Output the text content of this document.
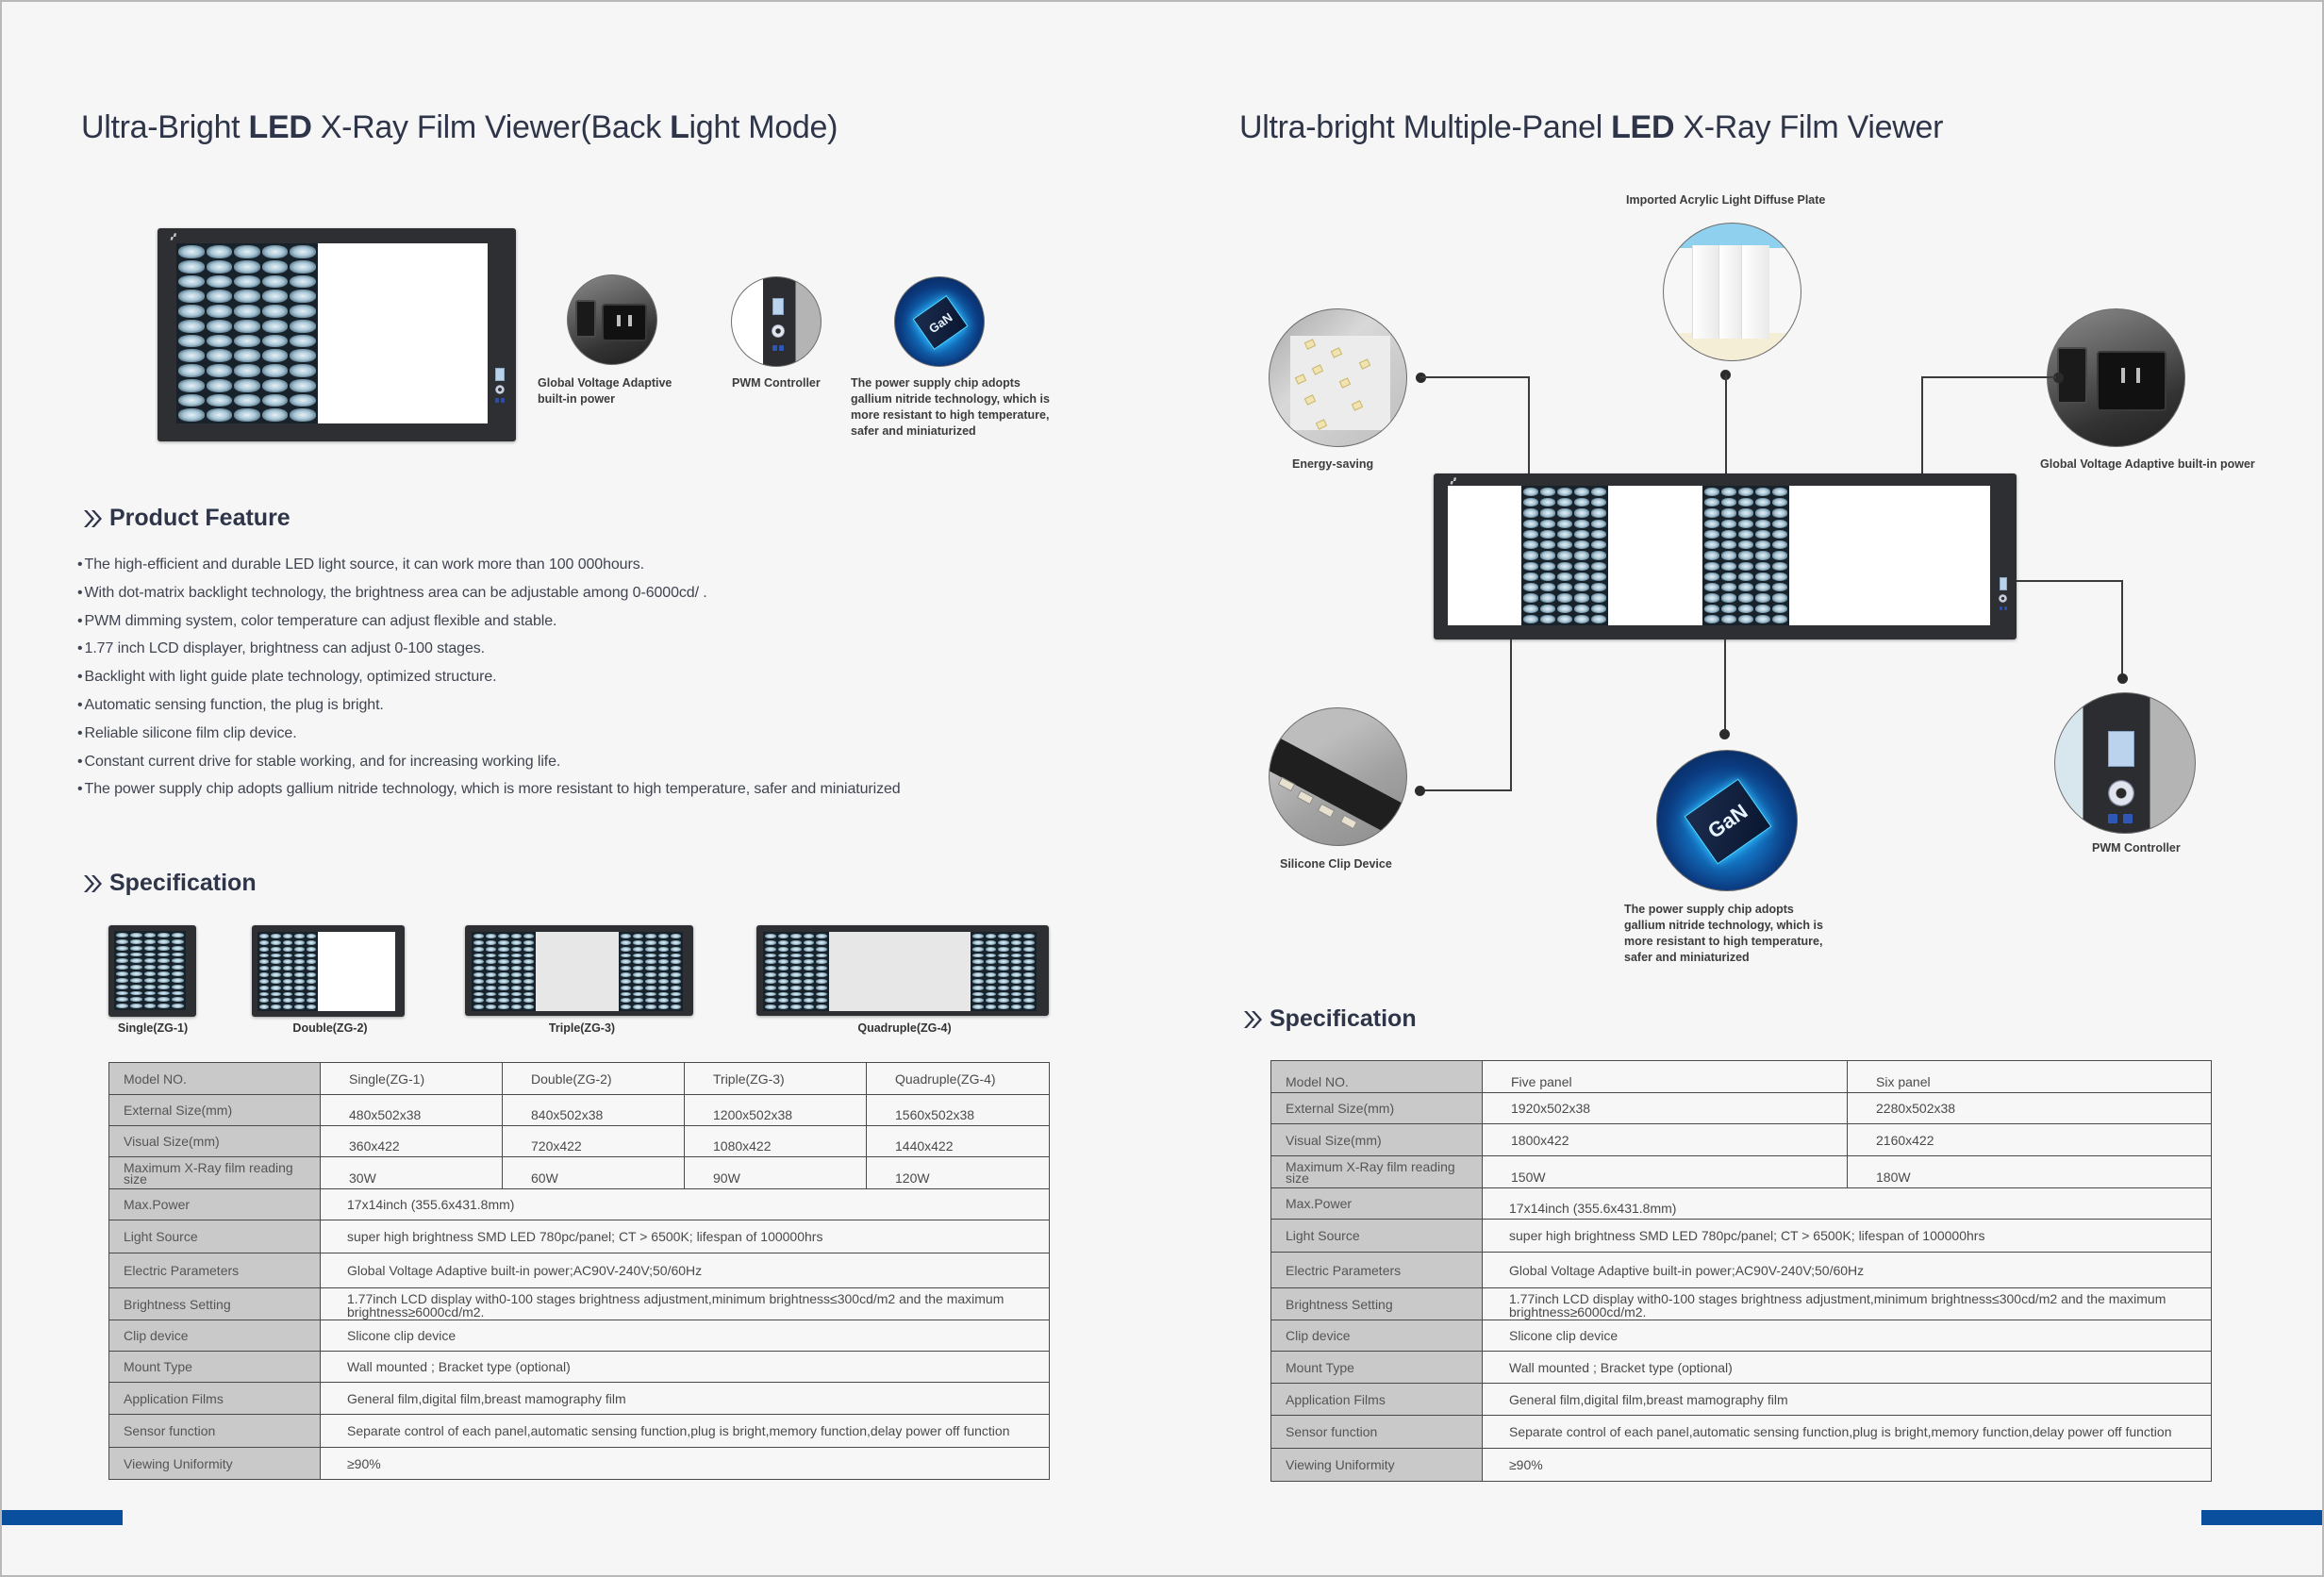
Ultra-Bright LED X-Ray Film Viewer(Back Light Mode)
▞
GaN
Global Voltage Adaptive
built-in power
PWM Controller	The power supply chip adopts
gallium nitride technology, which is
more resistant to high temperature,
safer and miniaturized
Product Feature
• The high-efficient and durable LED light source, it can work more than 100 000hours.
• With dot-matrix backlight technology, the brightness area can be adjustable among 0-6000cd/ .
• PWM dimming system, color temperature can adjust flexible and stable.
• 1.77 inch LCD displayer, brightness can adjust 0-100 stages.
• Backlight with light guide plate technology, optimized structure.
• Automatic sensing function, the plug is bright.
• Reliable silicone film clip device.
• Constant current drive for stable working, and for increasing working life.
• The power supply chip adopts gallium nitride technology, which is more resistant to high temperature, safer and miniaturized
Specification
Single(ZG-1)	Double(ZG-2)	Triple(ZG-3)	Quadruple(ZG-4)
Model NO.	Single(ZG-1)	Double(ZG-2)	Triple(ZG-3)	Quadruple(ZG-4)
External Size(mm)	480x502x38	840x502x38	1200x502x38	1560x502x38
Visual Size(mm)	360x422	720x422	1080x422	1440x422
Maximum X-Ray film reading size	30W	60W	90W	120W
Max.Power	17x14inch (355.6x431.8mm)			
Light Source	super high brightness SMD LED 780pc/panel; CT > 6500K; lifespan of 100000hrs			
Electric Parameters	Global Voltage Adaptive built-in power;AC90V-240V;50/60Hz			
Brightness Setting	1.77inch LCD display with0-100 stages brightness adjustment,minimum brightness≤300cd/m2 and the maximum brightness≥6000cd/m2.			
Clip device	Slicone clip device			
Mount Type	Wall mounted ; Bracket type (optional)			
Application Films	General film,digital film,breast mamography film			
Sensor function	Separate control of each panel,automatic sensing function,plug is bright,memory function,delay power off function			
Viewing Uniformity	≥90%			
Ultra-bright Multiple-Panel LED X-Ray Film Viewer
Imported Acrylic Light Diffuse Plate
Energy-saving	Global Voltage Adaptive built-in power
▞
PWM Controller
Silicone Clip Device
GaN
The power supply chip adopts
gallium nitride technology, which is
more resistant to high temperature,
safer and miniaturized
Specification
Model NO.	Five panel	Six panel
External Size(mm)	1920x502x38	2280x502x38
Visual Size(mm)	1800x422	2160x422
Maximum X-Ray film reading size	150W	180W
Max.Power	17x14inch (355.6x431.8mm)	
Light Source	super high brightness SMD LED 780pc/panel; CT > 6500K; lifespan of 100000hrs	
Electric Parameters	Global Voltage Adaptive built-in power;AC90V-240V;50/60Hz	
Brightness Setting	1.77inch LCD display with0-100 stages brightness adjustment,minimum brightness≤300cd/m2 and the maximum brightness≥6000cd/m2.	
Clip device	Slicone clip device	
Mount Type	Wall mounted ; Bracket type (optional)	
Application Films	General film,digital film,breast mamography film	
Sensor function	Separate control of each panel,automatic sensing function,plug is bright,memory function,delay power off function	
Viewing Uniformity	≥90%	
